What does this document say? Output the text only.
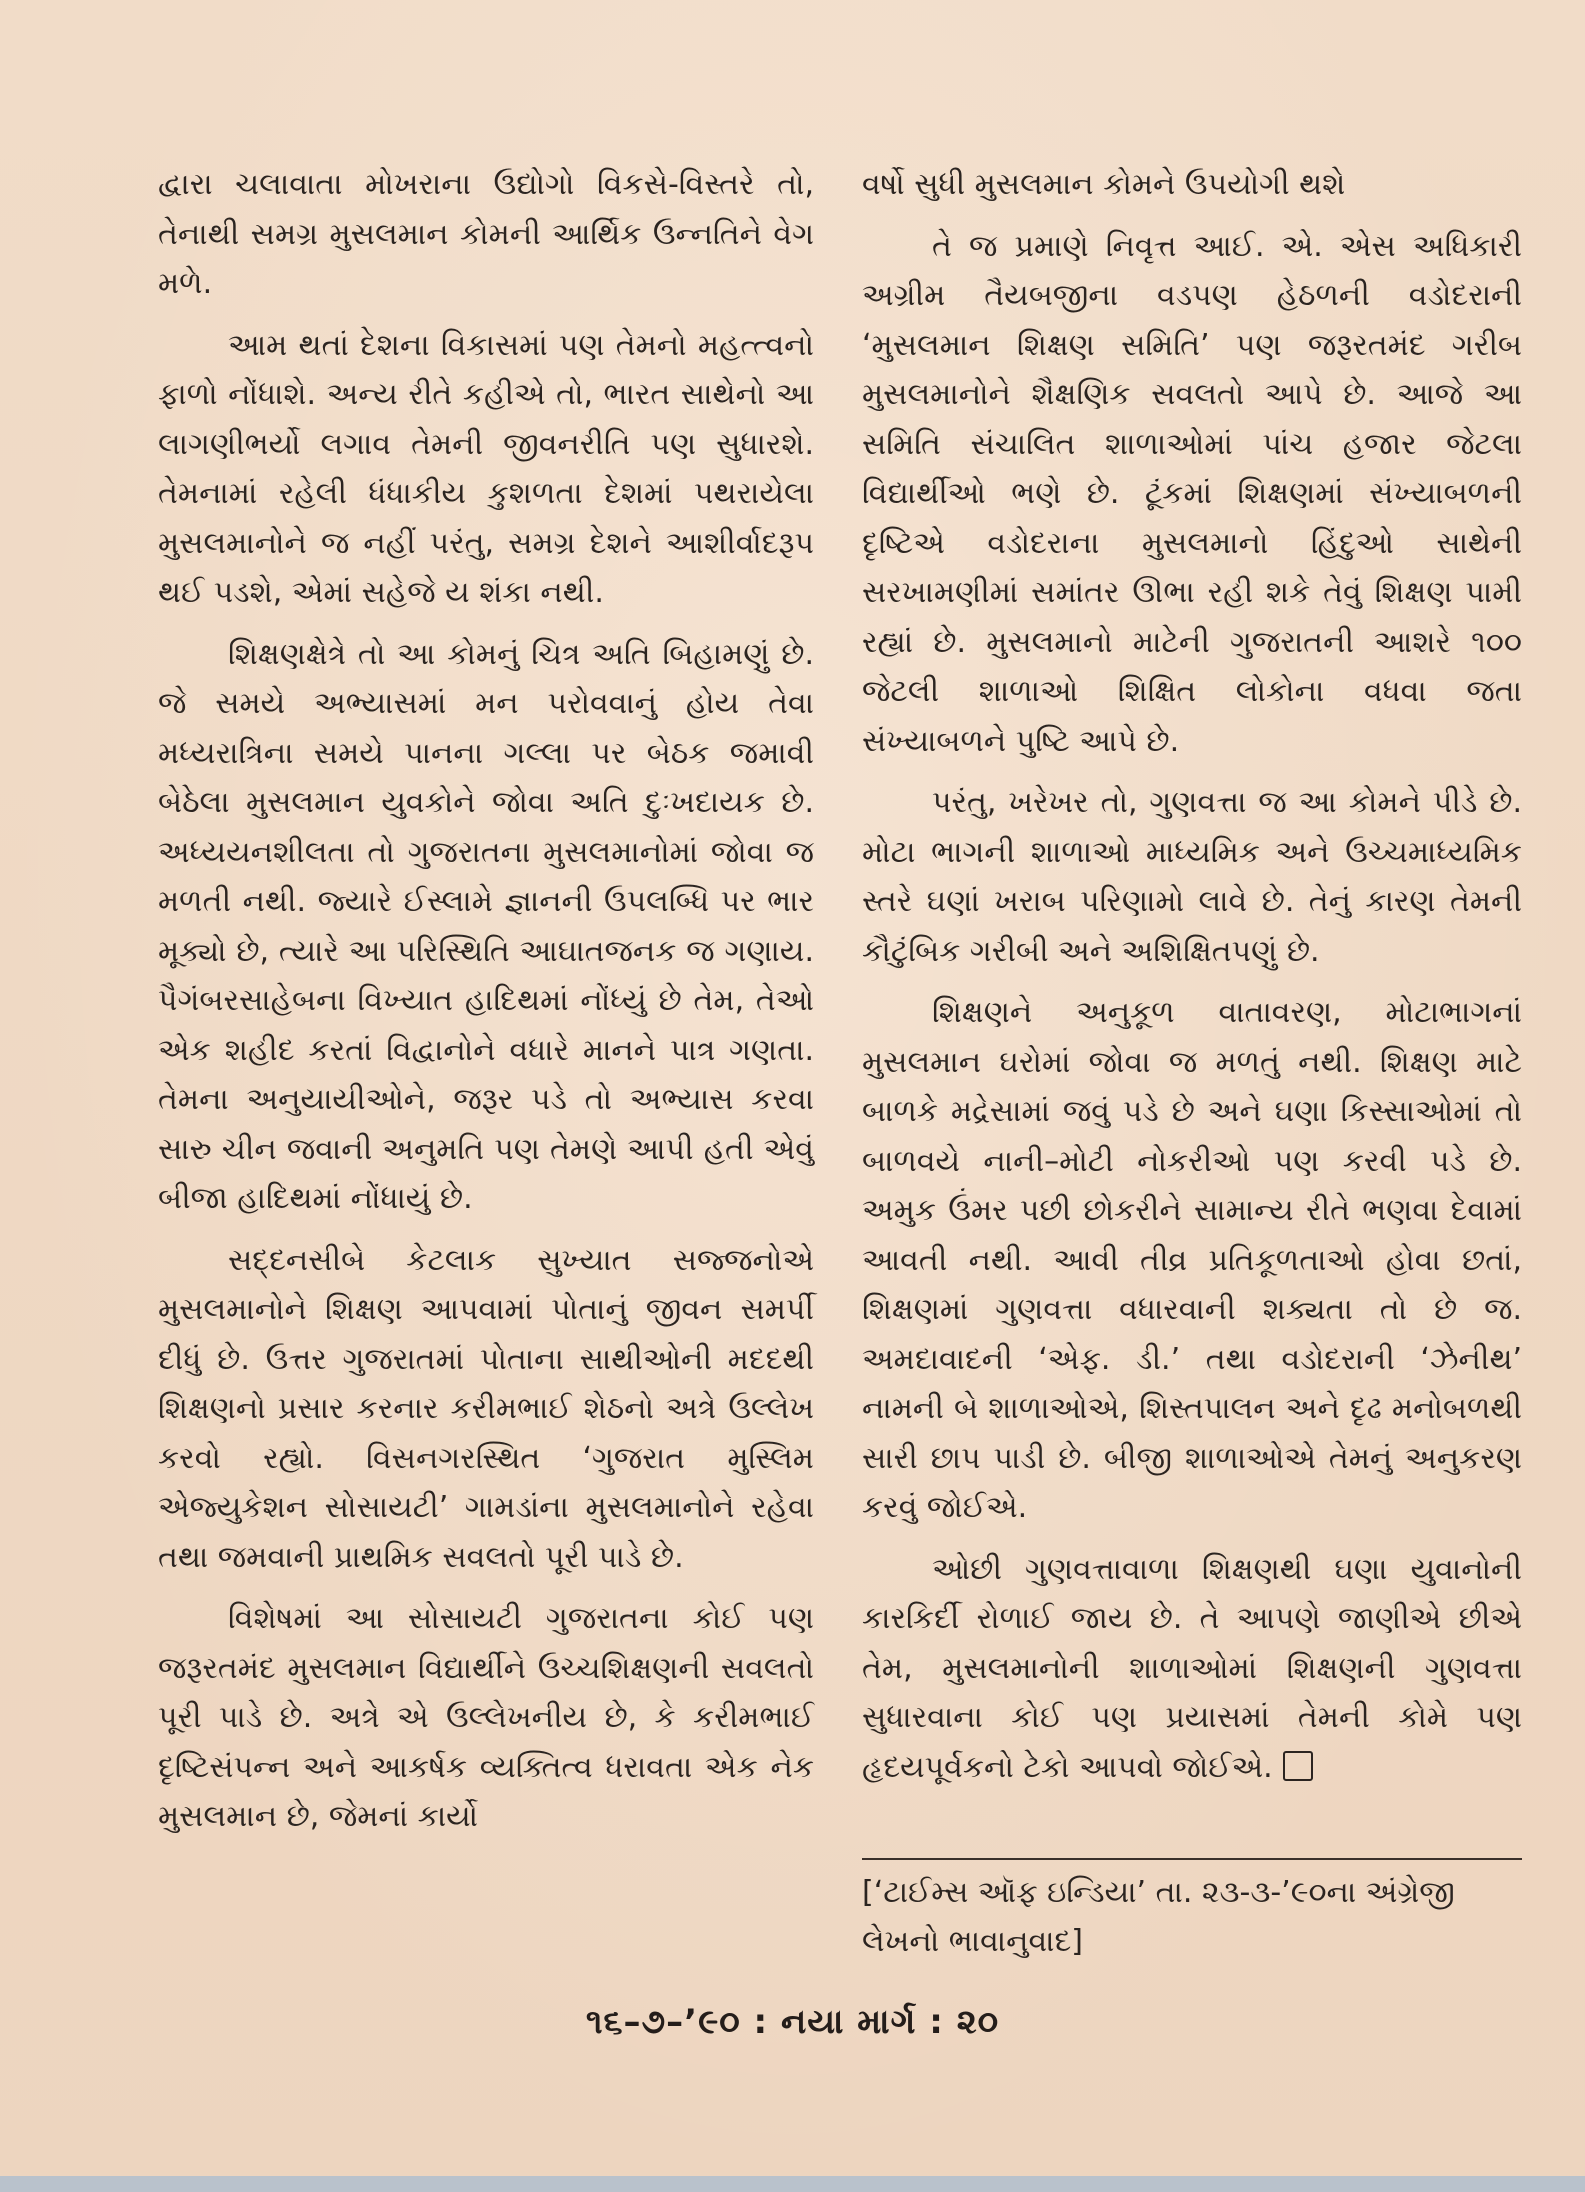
દ્વારા ચલાવાતા મોખરાના ઉદ્યોગો વિકસે-વિસ્તરે તો, તેનાથી સમગ્ર મુસલમાન કોમની આર્થિક ઉન્નતિને વેગ મળે.

આમ થતાં દેશના વિકાસમાં પણ તેમનો મહત્ત્વનો ફાળો નોંધાશે. અન્ય રીતે કહીએ તો, ભારત સાથેનો આ લાગણીભર્યો લગાવ તેમની જીવનરીતિ પણ સુધારશે. તેમનામાં રહેલી ધંધાકીય કુશળતા દેશમાં પથરાયેલા મુસલમાનોને જ નહીં પરંતુ, સમગ્ર દેશને આશીર્વાદરૂપ થઈ પડશે, એમાં સહેજે ય શંકા નથી.

શિક્ષણક્ષેત્રે તો આ કોમનું ચિત્ર અતિ બિહામણું છે. જે સમયે અભ્યાસમાં મન પરોવવાનું હોય તેવા મધ્યરાત્રિના સમયે પાનના ગલ્લા પર બેઠક જમાવી બેઠેલા મુસલમાન યુવકોને જોવા અતિ દુઃખદાયક છે. અધ્યયનશીલતા તો ગુજરાતના મુસલમાનોમાં જોવા જ મળતી નથી. જ્યારે ઈસ્લામે જ્ઞાનની ઉપલબ્ધિ પર ભાર મૂક્યો છે, ત્યારે આ પરિસ્થિતિ આઘાતજનક જ ગણાય. પૈગંબરસાહેબના વિખ્યાત હાદિથમાં નોંધ્યું છે તેમ, તેઓ એક શહીદ કરતાં વિદ્વાનોને વધારે માનને પાત્ર ગણતા. તેમના અનુયાયીઓને, જરૂર પડે તો અભ્યાસ કરવા સારુ ચીન જવાની અનુમતિ પણ તેમણે આપી હતી એવું બીજા હાદિથમાં નોંધાયું છે.

સદ્દનસીબે કેટલાક સુખ્યાત સજ્જનોએ મુસલમાનોને શિક્ષણ આપવામાં પોતાનું જીવન સમર્પી દીધું છે. ઉત્તર ગુજરાતમાં પોતાના સાથીઓની મદદથી શિક્ષણનો પ્રસાર કરનાર કરીમભાઈ શેઠનો અત્રે ઉલ્લેખ કરવો રહ્યો. વિસનગરસ્થિત ‘ગુજરાત મુસ્લિમ એજ્યુકેશન સોસાયટી’ ગામડાંના મુસલમાનોને રહેવા તથા જમવાની પ્રાથમિક સવલતો પૂરી પાડે છે.

વિશેષમાં આ સોસાયટી ગુજરાતના કોઈ પણ જરૂરતમંદ મુસલમાન વિદ્યાર્થીને ઉચ્ચશિક્ષણની સવલતો પૂરી પાડે છે. અત્રે એ ઉલ્લેખનીય છે, કે કરીમભાઈ દૃષ્ટિસંપન્ન અને આકર્ષક વ્યક્તિત્વ ધરાવતા એક નેક મુસલમાન છે, જેમનાં કાર્યો

વર્ષો સુધી મુસલમાન કોમને ઉપયોગી થશે

તે જ પ્રમાણે નિવૃત્ત આઈ. એ. એસ અધિકારી અગ્રીમ તૈયબજીના વડપણ હેઠળની વડોદરાની ‘મુસલમાન શિક્ષણ સમિતિ’ પણ જરૂરતમંદ ગરીબ મુસલમાનોને શૈક્ષણિક સવલતો આપે છે. આજે આ સમિતિ સંચાલિત શાળાઓમાં પાંચ હજાર જેટલા વિદ્યાર્થીઓ ભણે છે. ટૂંકમાં શિક્ષણમાં સંખ્યાબળની દૃષ્ટિએ વડોદરાના મુસલમાનો હિંદુઓ સાથેની સરખામણીમાં સમાંતર ઊભા રહી શકે તેવું શિક્ષણ પામી રહ્યાં છે. મુસલમાનો માટેની ગુજરાતની આશરે ૧૦૦ જેટલી શાળાઓ શિક્ષિત લોકોના વધવા જતા સંખ્યાબળને પુષ્ટિ આપે છે.

પરંતુ, ખરેખર તો, ગુણવત્તા જ આ કોમને પીડે છે. મોટા ભાગની શાળાઓ માધ્યમિક અને ઉચ્ચમાધ્યમિક સ્તરે ઘણાં ખરાબ પરિણામો લાવે છે. તેનું કારણ તેમની કૌટુંબિક ગરીબી અને અશિક્ષિતપણું છે.

શિક્ષણને અનુકૂળ વાતાવરણ, મોટાભાગનાં મુસલમાન ઘરોમાં જોવા જ મળતું નથી. શિક્ષણ માટે બાળકે મદ્રેસામાં જવું પડે છે અને ઘણા કિસ્સાઓમાં તો બાળવયે નાની–મોટી નોકરીઓ પણ કરવી પડે છે. અમુક ઉંમર પછી છોકરીને સામાન્ય રીતે ભણવા દેવામાં આવતી નથી. આવી તીવ્ર પ્રતિકૂળતાઓ હોવા છતાં, શિક્ષણમાં ગુણવત્તા વધારવાની શક્યતા તો છે જ. અમદાવાદની ‘એફ. ડી.’ તથા વડોદરાની ‘ઝેનીથ’ નામની બે શાળાઓએ, શિસ્તપાલન અને દૃઢ મનોબળથી સારી છાપ પાડી છે. બીજી શાળાઓએ તેમનું અનુકરણ કરવું જોઈએ.

ઓછી ગુણવત્તાવાળા શિક્ષણથી ઘણા યુવાનોની કારકિર્દી રોળાઈ જાય છે. તે આપણે જાણીએ છીએ તેમ, મુસલમાનોની શાળાઓમાં શિક્ષણની ગુણવત્તા સુધારવાના કોઈ પણ પ્રયાસમાં તેમની કોમે પણ હૃદયપૂર્વકનો ટેકો આપવો જોઈએ.

[‘ટાઈમ્સ ઑફ ઇન્ડિયા’ તા. ૨૩-૩-’૯૦ના અંગ્રેજી લેખનો ભાવાનુવાદ]
૧૬–૭–’૯૦ : નયા માર્ગ : ૨૦
